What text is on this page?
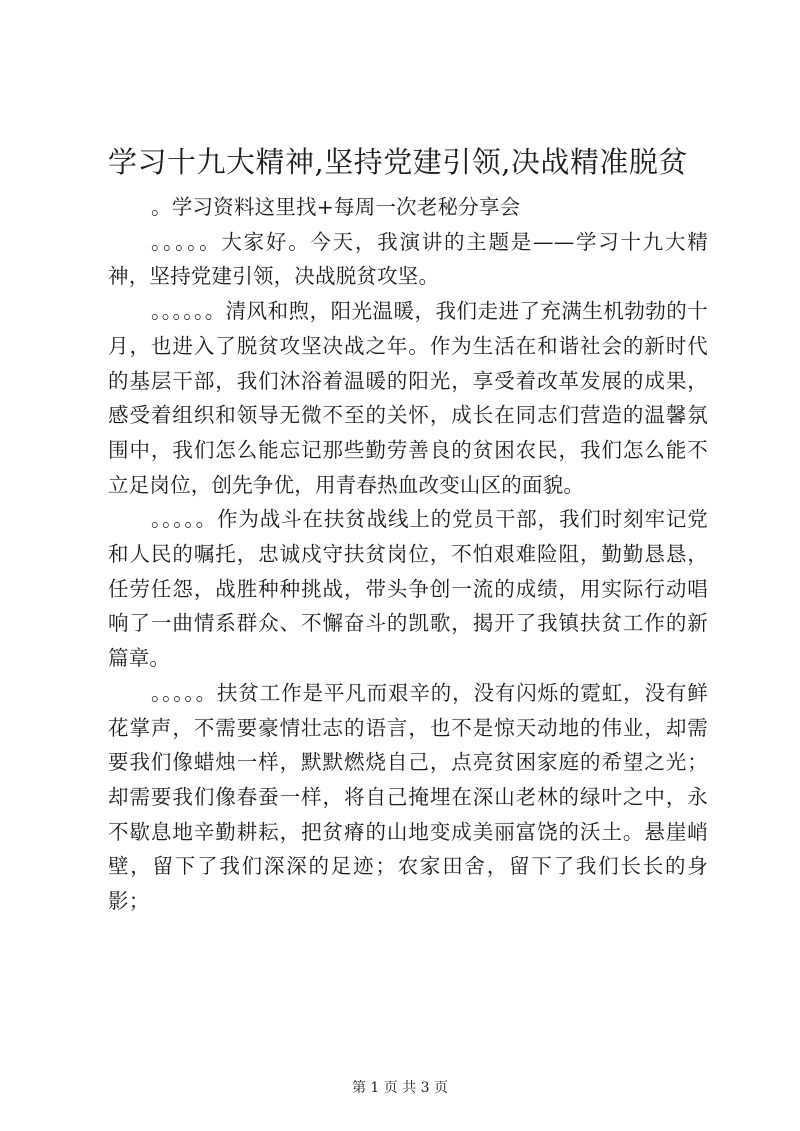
学习十九大精神,坚持党建引领,决战精准脱贫

。学习资料这里找+每周一次老秘分享会

。。。。。大家好。今天，我演讲的主题是——学习十九大精神，坚持党建引领，决战脱贫攻坚。

。。。。。。清风和煦，阳光温暖，我们走进了充满生机勃勃的十月，也进入了脱贫攻坚决战之年。作为生活在和谐社会的新时代的基层干部，我们沐浴着温暖的阳光，享受着改革发展的成果，感受着组织和领导无微不至的关怀，成长在同志们营造的温馨氛围中，我们怎么能忘记那些勤劳善良的贫困农民，我们怎么能不立足岗位，创先争优，用青春热血改变山区的面貌。

。。。。。作为战斗在扶贫战线上的党员干部，我们时刻牢记党和人民的嘱托，忠诚戍守扶贫岗位，不怕艰难险阻，勤勤恳恳，任劳任怨，战胜种种挑战，带头争创一流的成绩，用实际行动唱响了一曲情系群众、不懈奋斗的凯歌，揭开了我镇扶贫工作的新篇章。

。。。。。扶贫工作是平凡而艰辛的，没有闪烁的霓虹，没有鲜花掌声，不需要豪情壮志的语言，也不是惊天动地的伟业，却需要我们像蜡烛一样，默默燃烧自己，点亮贫困家庭的希望之光；却需要我们像春蚕一样，将自己掩埋在深山老林的绿叶之中，永不歇息地辛勤耕耘，把贫瘠的山地变成美丽富饶的沃土。悬崖峭壁，留下了我们深深的足迹；农家田舍，留下了我们长长的身影；

第 1 页 共 3 页
